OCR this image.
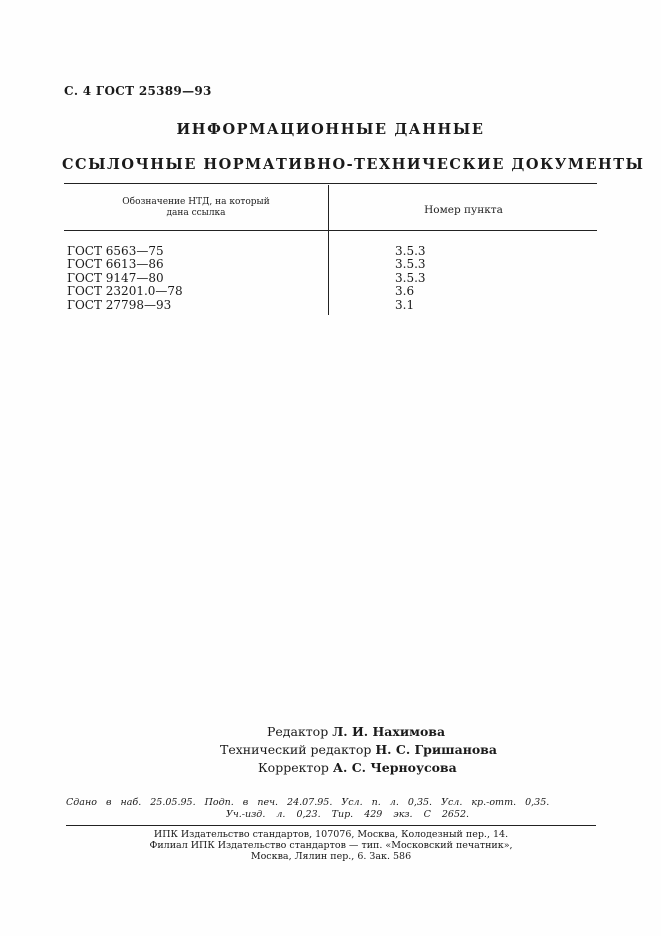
С. 4 ГОСТ 25389—93
ИНФОРМАЦИОННЫЕ ДАННЫЕ
ССЫЛОЧНЫЕ НОРМАТИВНО-ТЕХНИЧЕСКИЕ ДОКУМЕНТЫ
Обозначение НТД, на который
дана ссылка	Номер пункта
ГОСТ 6563—75
ГОСТ 6613—86
ГОСТ 9147—80
ГОСТ 23201.0—78
ГОСТ 27798—93
3.5.3
3.5.3
3.5.3
3.6
3.1
Редактор Л. И. Нахимова
Технический редактор Н. С. Гришанова
Корректор А. С. Черноусова
Сдано в наб. 25.05.95. Подп. в печ. 24.07.95. Усл. п. л. 0,35. Усл. кр.-отт. 0,35.
Уч.-изд. л. 0,23. Тир. 429 экз. С 2652.
ИПК Издательство стандартов, 107076, Москва, Колодезный пер., 14.
Филиал ИПК Издательство стандартов — тип. «Московский печатник»,
Москва, Лялин пер., 6. Зак. 586
